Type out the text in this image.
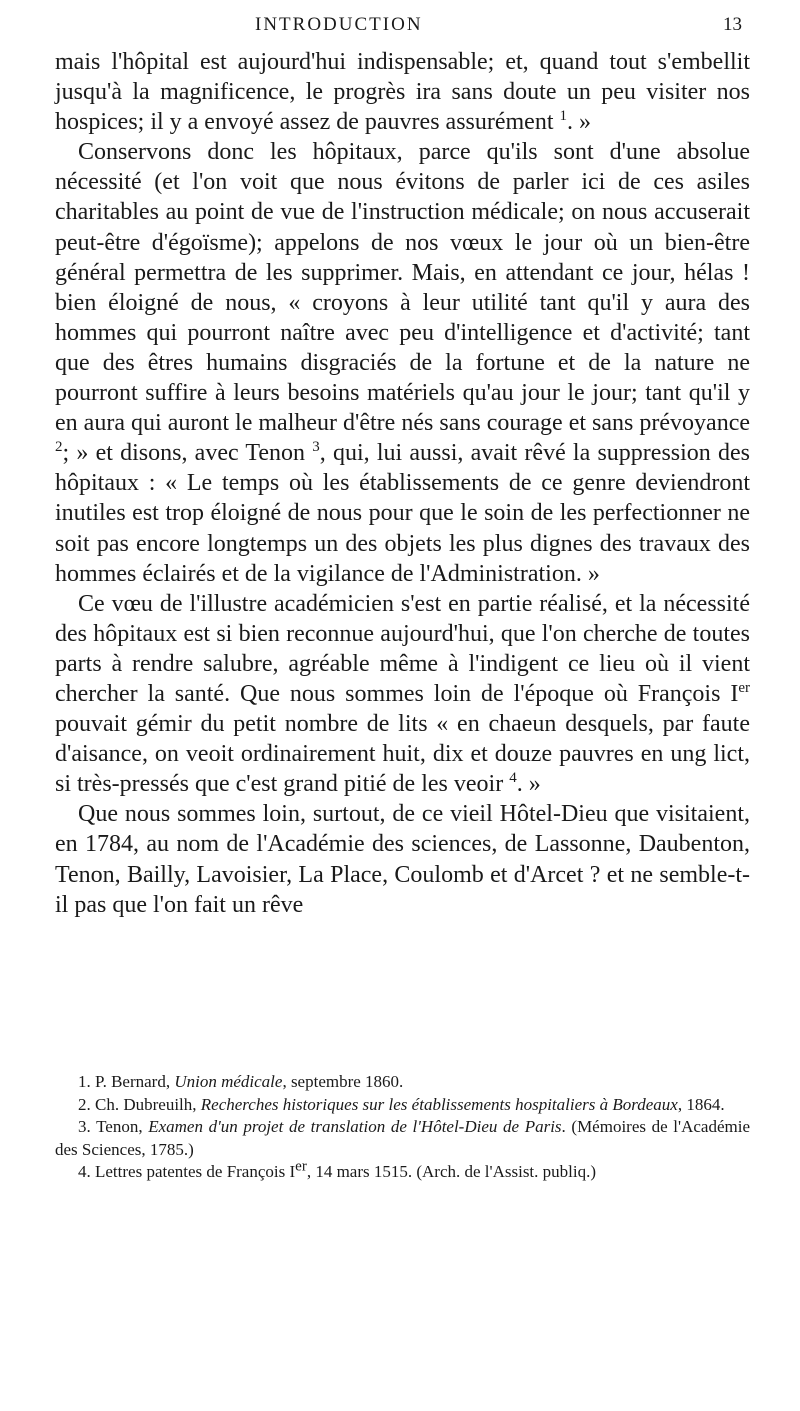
INTRODUCTION	13

mais l'hôpital est aujourd'hui indispensable; et, quand tout s'embellit jusqu'à la magnificence, le progrès ira sans doute un peu visiter nos hospices; il y a envoyé assez de pauvres assurément $^1$. »

Conservons donc les hôpitaux, parce qu'ils sont d'une absolue nécessité (et l'on voit que nous évitons de parler ici de ces asiles charitables au point de vue de l'instruction médicale; on nous accuserait peut-être d'égoïsme); appelons de nos vœux le jour où un bien-être général permettra de les supprimer. Mais, en attendant ce jour, hélas ! bien éloigné de nous, « croyons à leur utilité tant qu'il y aura des hommes qui pourront naître avec peu d'intelligence et d'activité; tant que des êtres humains disgraciés de la fortune et de la nature ne pourront suffire à leurs besoins matériels qu'au jour le jour; tant qu'il y en aura qui auront le malheur d'être nés sans courage et sans prévoyance $^2$; » et disons, avec Tenon $^3$, qui, lui aussi, avait rêvé la suppression des hôpitaux : « Le temps où les établissements de ce genre deviendront inutiles est trop éloigné de nous pour que le soin de les perfectionner ne soit pas encore longtemps un des objets les plus dignes des travaux des hommes éclairés et de la vigilance de l'Administration. »

Ce vœu de l'illustre académicien s'est en partie réalisé, et la nécessité des hôpitaux est si bien reconnue aujourd'hui, que l'on cherche de toutes parts à rendre salubre, agréable même à l'indigent ce lieu où il vient chercher la santé. Que nous sommes loin de l'époque où François Ier pouvait gémir du petit nombre de lits « en chaeun desquels, par faute d'aisance, on veoit ordinairement huit, dix et douze pauvres en ung lict, si très-pressés que c'est grand pitié de les veoir $^4$. »

Que nous sommes loin, surtout, de ce vieil Hôtel-Dieu que visitaient, en 1784, au nom de l'Académie des sciences, de Lassonne, Daubenton, Tenon, Bailly, Lavoisier, La Place, Coulomb et d'Arcet ? et ne semble-t-il pas que l'on fait un rêve

1. P. Bernard, Union médicale, septembre 1860.

2. Ch. Dubreuilh, Recherches historiques sur les établissements hospitaliers à Bordeaux, 1864.

3. Tenon, Examen d'un projet de translation de l'Hôtel-Dieu de Paris. (Mémoires de l'Académie des Sciences, 1785.)

4. Lettres patentes de François Ier, 14 mars 1515. (Arch. de l'Assist. publiq.)
